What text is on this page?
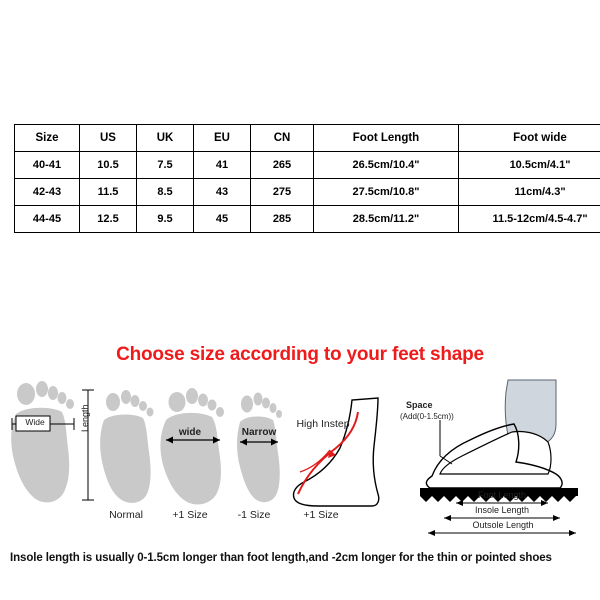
Size	US	UK	EU	CN	Foot Length	Foot wide
40-41	10.5	7.5	41	265	26.5cm/10.4"	10.5cm/4.1"
42-43	11.5	8.5	43	275	27.5cm/10.8"	11cm/4.3"
44-45	12.5	9.5	45	285	28.5cm/11.2"	11.5-12cm/4.5-4.7"
Choose size according to your feet shape
Wide	Length
Normal	+1 Size	-1 Size
wide	Narrow
High Instep
+1 Size
Space
(Add(0-1.5cm))
Foot Length
Insole Length
Outsole Length
Insole length is usually 0-1.5cm longer than foot length,and -2cm longer for the thin or pointed shoes
